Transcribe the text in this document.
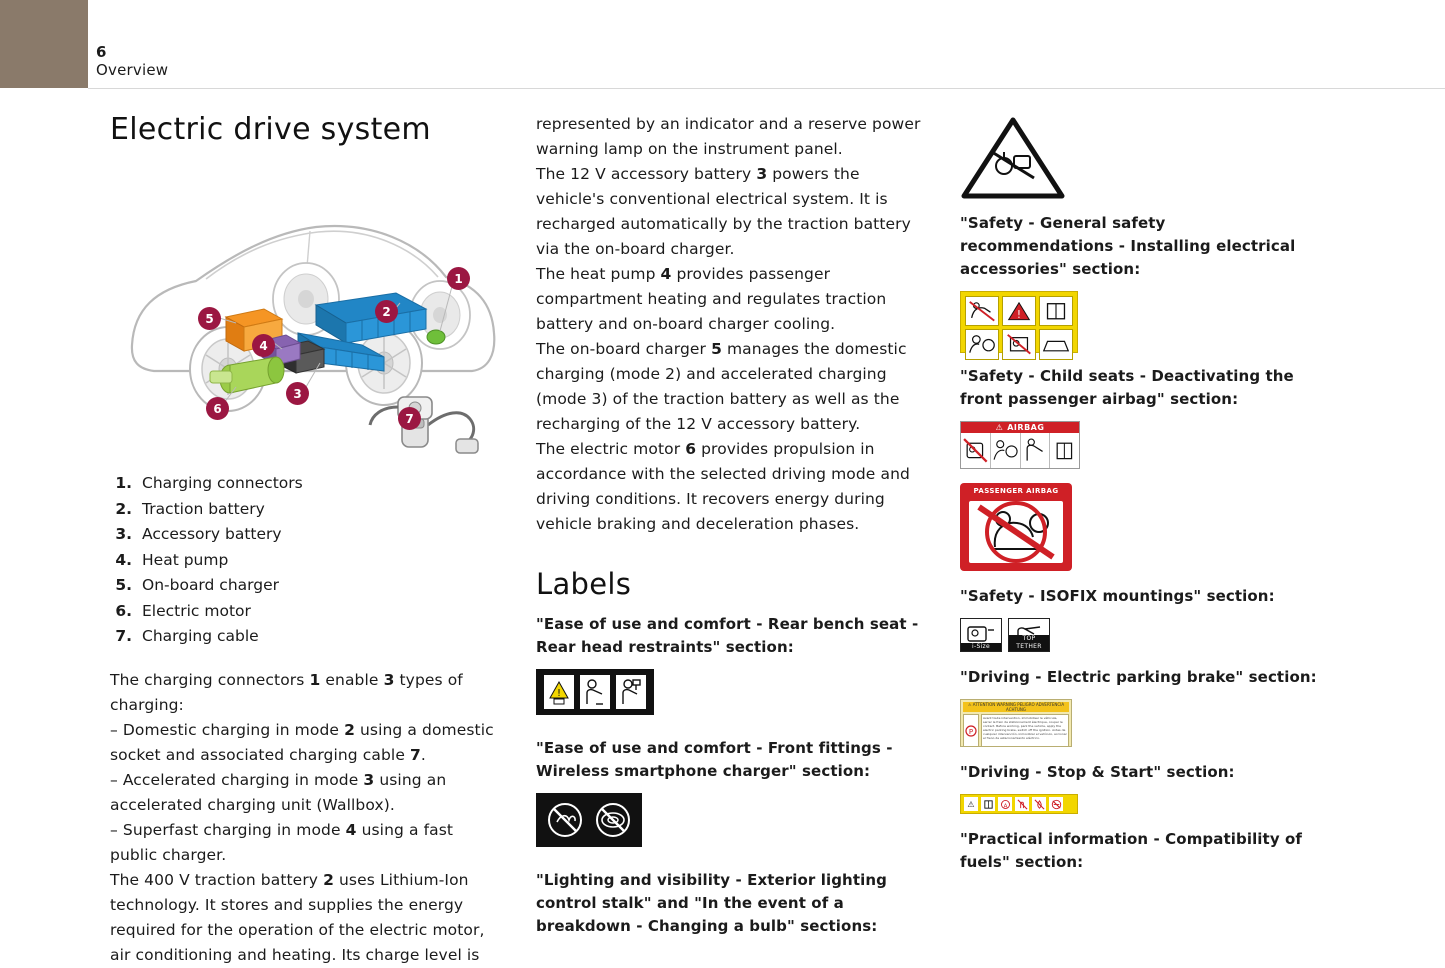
6
Overview
Electric drive system
1
2
3
4
5
6
7
1. Charging connectors
2. Traction battery
3. Accessory battery
4. Heat pump
5. On-board charger
6. Electric motor
7. Charging cable

The charging connectors 1 enable 3 types of charging:

– Domestic charging in mode 2 using a domestic socket and associated charging cable 7.

– Accelerated charging in mode 3 using an accelerated charging unit (Wallbox).

– Superfast charging in mode 4 using a fast public charger.

The 400 V traction battery 2 uses Lithium-Ion technology. It stores and supplies the energy required for the operation of the electric motor, air conditioning and heating. Its charge level is

represented by an indicator and a reserve power warning lamp on the instrument panel.

The 12 V accessory battery 3 powers the vehicle's conventional electrical system. It is recharged automatically by the traction battery via the on-board charger.

The heat pump 4 provides passenger compartment heating and regulates traction battery and on-board charger cooling.

The on-board charger 5 manages the domestic charging (mode 2) and accelerated charging (mode 3) of the traction battery as well as the recharging of the 12 V accessory battery.

The electric motor 6 provides propulsion in accordance with the selected driving mode and driving conditions. It recovers energy during vehicle braking and deceleration phases.

Labels

"Ease of use and comfort - Rear bench seat - Rear head restraints" section:

!

"Ease of use and comfort - Front fittings - Wireless smartphone charger" section:

"Lighting and visibility - Exterior lighting control stalk" and "In the event of a breakdown - Changing a bulb" sections:

"Safety - General safety recommendations - Installing electrical accessories" section:

!

"Safety - Child seats - Deactivating the front passenger airbag" section:

⚠ AIRBAG
PASSENGER AIRBAG

"Safety - ISOFIX mountings" section:

i-Size
TOP TETHER

"Driving - Electric parking brake" section:

⚠ ATTENTION WARNING PELIGRO ADVERTENCIA ACHTUNG
P
Avant toute intervention, immobiliser le véhicule, serrer le frein de stationnement électrique, couper le contact. Before working, park the vehicle, apply the electric parking brake, switch off the ignition. Antes de cualquier intervención, inmovilizar el vehículo, accionar el freno de estacionamiento eléctrico.

"Driving - Stop & Start" section:

⚠	A

"Practical information - Compatibility of fuels" section:
